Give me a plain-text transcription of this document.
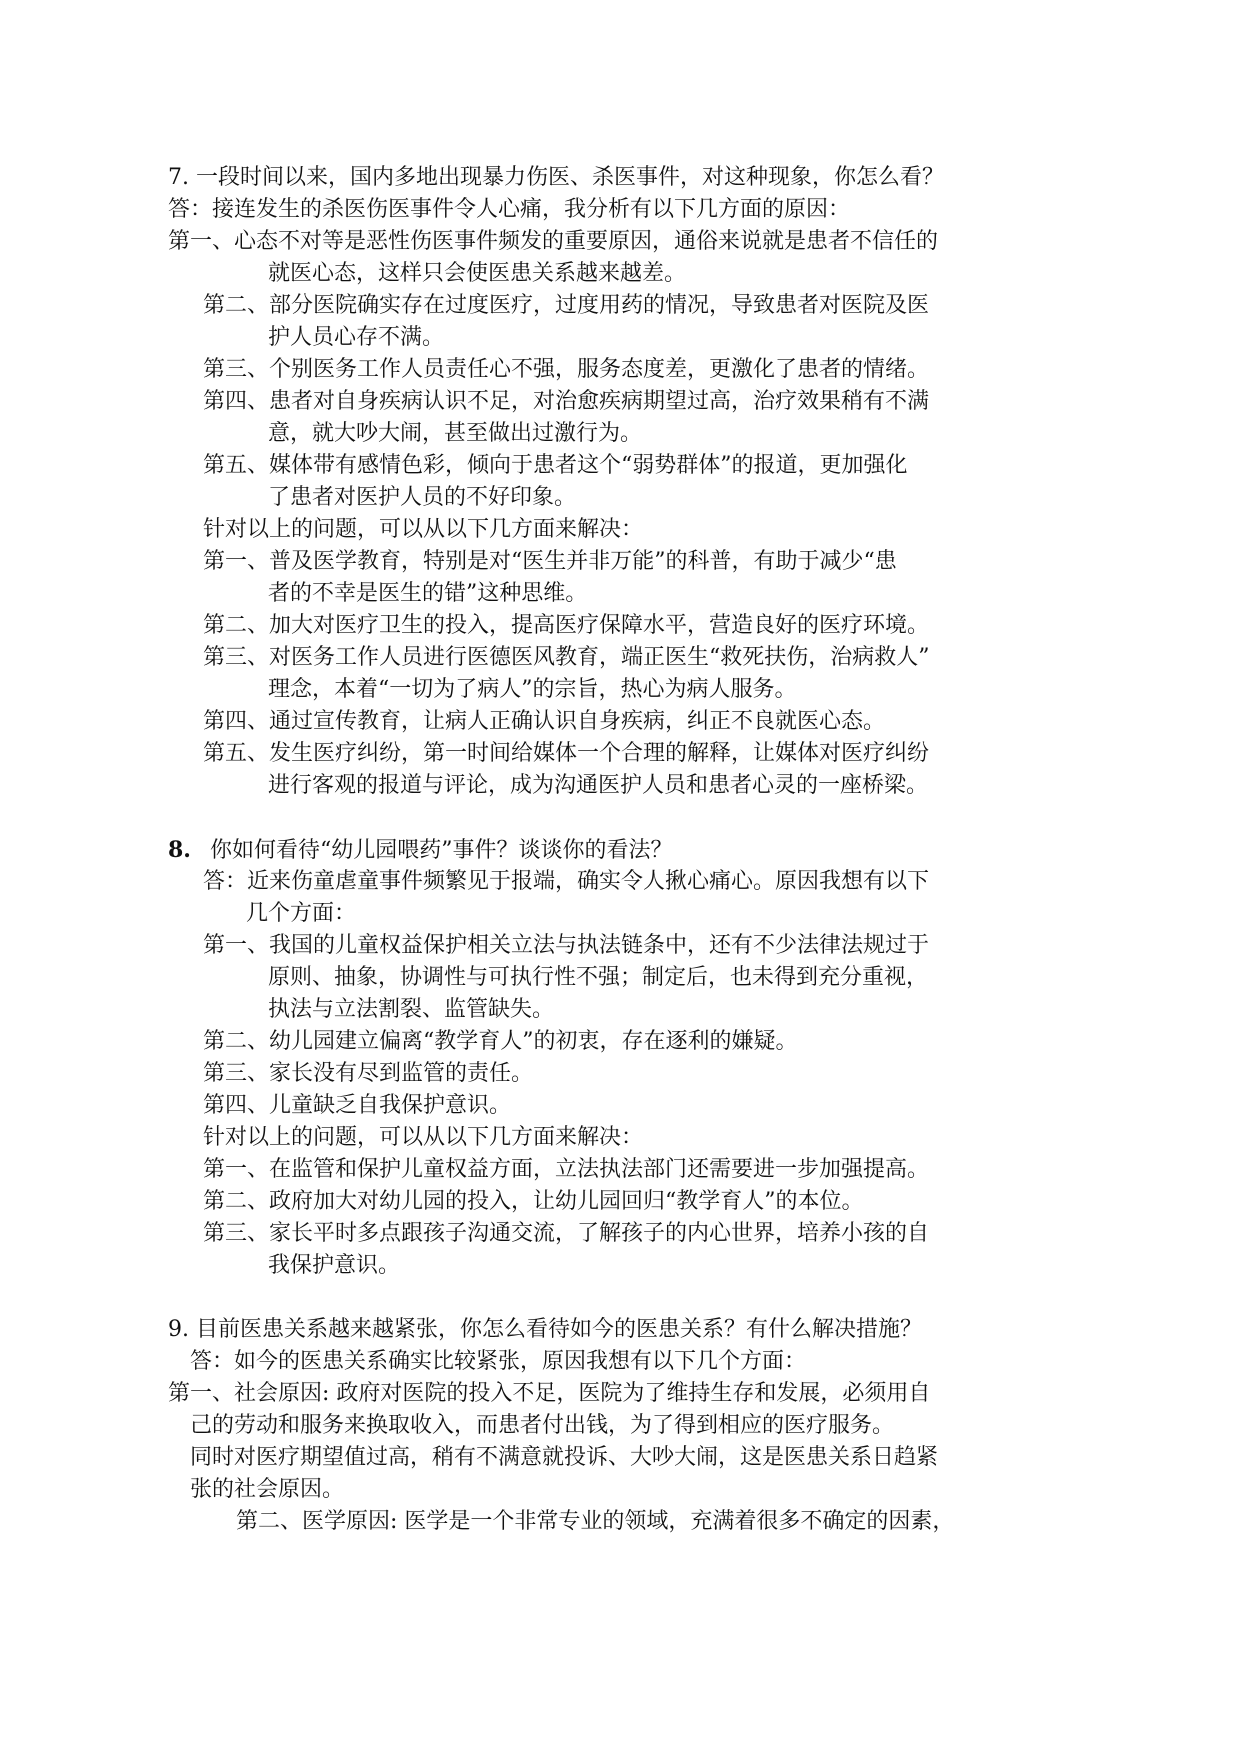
7. 一段时间以来，国内多地出现暴力伤医、杀医事件，对这种现象，你怎么看？
答：接连发生的杀医伤医事件令人心痛，我分析有以下几方面的原因：
第一、心态不对等是恶性伤医事件频发的重要原因，通俗来说就是患者不信任的
就医心态，这样只会使医患关系越来越差。
第二、部分医院确实存在过度医疗，过度用药的情况，导致患者对医院及医
护人员心存不满。
第三、个别医务工作人员责任心不强，服务态度差，更激化了患者的情绪。
第四、患者对自身疾病认识不足，对治愈疾病期望过高，治疗效果稍有不满
意，就大吵大闹，甚至做出过激行为。
第五、媒体带有感情色彩，倾向于患者这个“弱势群体”的报道，更加强化
了患者对医护人员的不好印象。
针对以上的问题，可以从以下几方面来解决：
第一、普及医学教育，特别是对“医生并非万能”的科普，有助于减少“患
者的不幸是医生的错”这种思维。
第二、加大对医疗卫生的投入，提高医疗保障水平，营造良好的医疗环境。
第三、对医务工作人员进行医德医风教育，端正医生“救死扶伤，治病救人”
理念，本着“一切为了病人”的宗旨，热心为病人服务。
第四、通过宣传教育，让病人正确认识自身疾病，纠正不良就医心态。
第五、发生医疗纠纷，第一时间给媒体一个合理的解释，让媒体对医疗纠纷
进行客观的报道与评论，成为沟通医护人员和患者心灵的一座桥梁。
8. 你如何看待“幼儿园喂药”事件？谈谈你的看法？
答：近来伤童虐童事件频繁见于报端，确实令人揪心痛心。原因我想有以下
几个方面：
第一、我国的儿童权益保护相关立法与执法链条中，还有不少法律法规过于
原则、抽象，协调性与可执行性不强；制定后，也未得到充分重视，
执法与立法割裂、监管缺失。
第二、幼儿园建立偏离“教学育人”的初衷，存在逐利的嫌疑。
第三、家长没有尽到监管的责任。
第四、儿童缺乏自我保护意识。
针对以上的问题，可以从以下几方面来解决：
第一、在监管和保护儿童权益方面，立法执法部门还需要进一步加强提高。
第二、政府加大对幼儿园的投入，让幼儿园回归“教学育人”的本位。
第三、家长平时多点跟孩子沟通交流，了解孩子的内心世界，培养小孩的自
我保护意识。
9. 目前医患关系越来越紧张，你怎么看待如今的医患关系？有什么解决措施？
答：如今的医患关系确实比较紧张，原因我想有以下几个方面：
第一、社会原因: 政府对医院的投入不足，医院为了维持生存和发展，必须用自
己的劳动和服务来换取收入，而患者付出钱，为了得到相应的医疗服务。
同时对医疗期望值过高，稍有不满意就投诉、大吵大闹，这是医患关系日趋紧
张的社会原因。
第二、医学原因: 医学是一个非常专业的领域，充满着很多不确定的因素，
